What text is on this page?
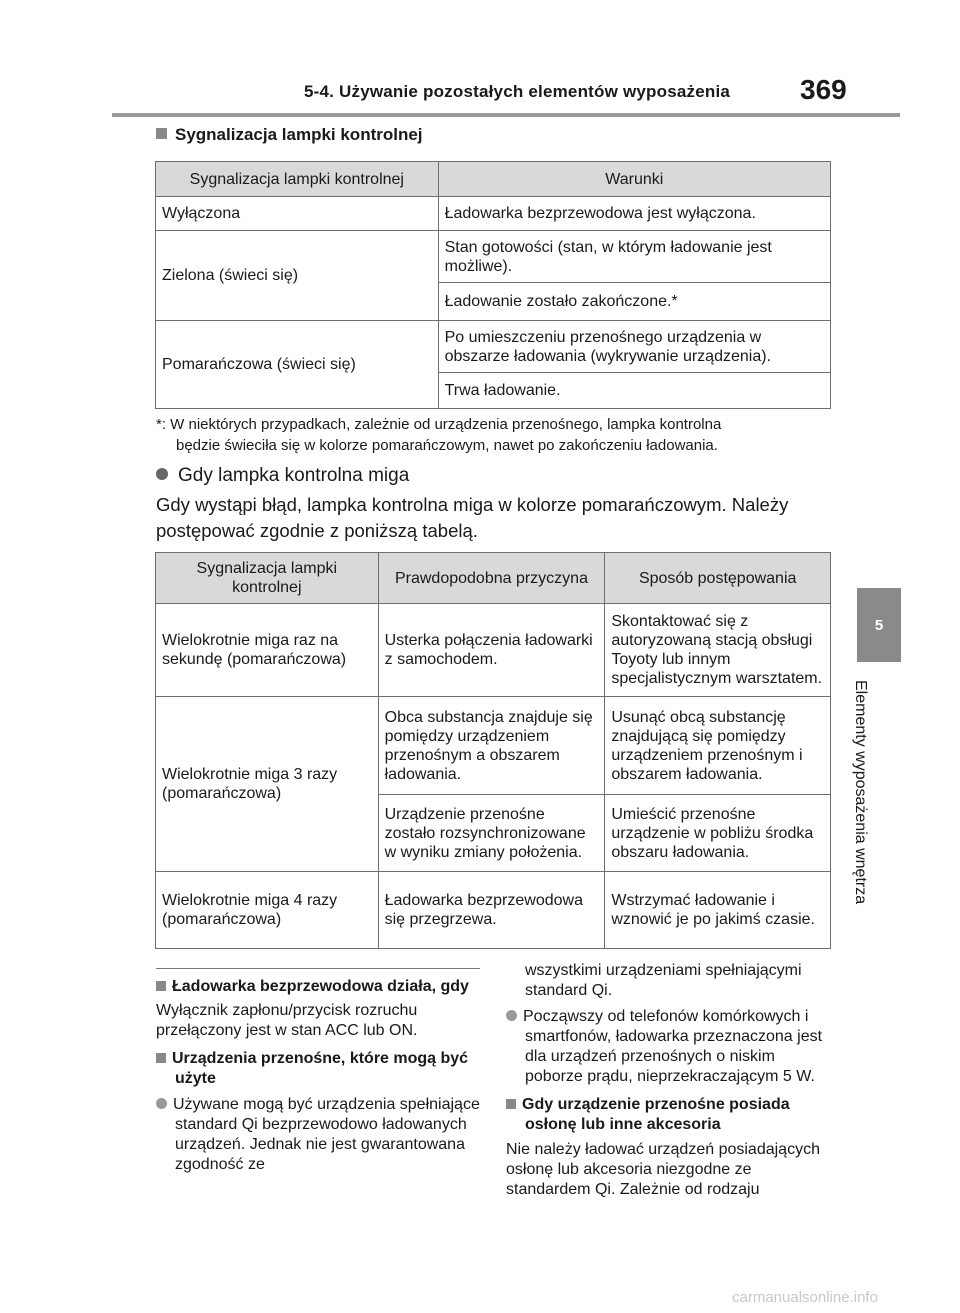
5-4. Używanie pozostałych elementów wyposażenia 369
5
Elementy wyposażenia wnętrza
Sygnalizacja lampki kontrolnej
Sygnalizacja lampki kontrolnej	Warunki
Wyłączona	Ładowarka bezprzewodowa jest wyłączona.
Zielona (świeci się)	Stan gotowości (stan, w którym ładowanie jest możliwe).
	Ładowanie zostało zakończone.*
Pomarańczowa (świeci się)	Po umieszczeniu przenośnego urządzenia w obszarze ładowania (wykrywanie urządzenia).
	Trwa ładowanie.
*: W niektórych przypadkach, zależnie od urządzenia przenośnego, lampka kontrolna
będzie świeciła się w kolorze pomarańczowym, nawet po zakończeniu ładowania.
Gdy lampka kontrolna miga
Gdy wystąpi błąd, lampka kontrolna miga w kolorze pomarańczowym. Należy postępować zgodnie z poniższą tabelą.
Sygnalizacja lampki kontrolnej	Prawdopodobna przyczyna	Sposób postępowania
Wielokrotnie miga raz na sekundę (pomarańczowa)	Usterka połączenia ładowarki z samochodem.	Skontaktować się z autoryzowaną stacją obsługi Toyoty lub innym specjalistycznym warsztatem.
Wielokrotnie miga 3 razy (pomarańczowa)	Obca substancja znajduje się pomiędzy urządzeniem przenośnym a obszarem ładowania.	Usunąć obcą substancję znajdującą się pomiędzy urządzeniem przenośnym i obszarem ładowania.
	Urządzenie przenośne zostało rozsynchronizowane w wyniku zmiany położenia.	Umieścić przenośne urządzenie w pobliżu środka obszaru ładowania.
Wielokrotnie miga 4 razy (pomarańczowa)	Ładowarka bezprzewodowa się przegrzewa.	Wstrzymać ładowanie i wznowić je po jakimś czasie.

Ładowarka bezprzewodowa działa, gdy

Wyłącznik zapłonu/przycisk rozruchu przełączony jest w stan ACC lub ON.

Urządzenia przenośne, które mogą być użyte

Używane mogą być urządzenia spełniające standard Qi bezprzewodowo ładowanych urządzeń. Jednak nie jest gwarantowana zgodność ze

wszystkimi urządzeniami spełniającymi standard Qi.

Począwszy od telefonów komórkowych i smartfonów, ładowarka przeznaczona jest dla urządzeń przenośnych o niskim poborze prądu, nieprzekraczającym 5 W.

Gdy urządzenie przenośne posiada osłonę lub inne akcesoria

Nie należy ładować urządzeń posiadających osłonę lub akcesoria niezgodne ze standardem Qi. Zależnie od rodzaju

carmanualsonline.info
